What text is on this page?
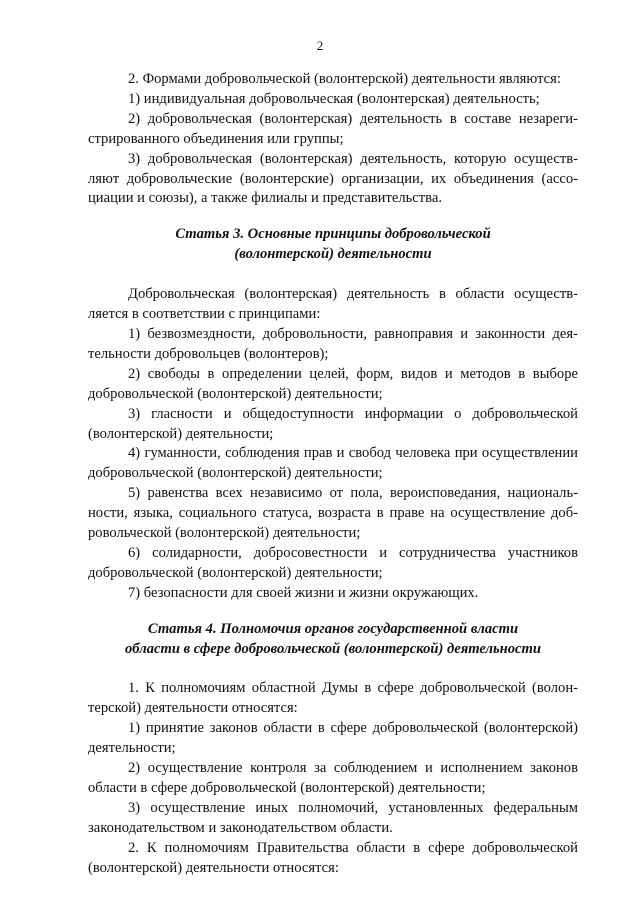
2

2. Формами добровольческой (волонтерской) деятельности являются:

1) индивидуальная добровольческая (волонтерская) деятельность;

2) добровольческая (волонтерская) деятельность в составе незарегистрированного объединения или группы;

3) добровольческая (волонтерская) деятельность, которую осуществляют добровольческие (волонтерские) организации, их объединения (ассоциации и союзы), а также филиалы и представительства.

Статья 3. Основные принципы добровольческой
(волонтерской) деятельности

Добровольческая (волонтерская) деятельность в области осуществляется в соответствии с принципами:

1) безвозмездности, добровольности, равноправия и законности деятельности добровольцев (волонтеров);

2) свободы в определении целей, форм, видов и методов в выборе добровольческой (волонтерской) деятельности;

3) гласности и общедоступности информации о добровольческой (волонтерской) деятельности;

4) гуманности, соблюдения прав и свобод человека при осуществлении добровольческой (волонтерской) деятельности;

5) равенства всех независимо от пола, вероисповедания, национальности, языка, социального статуса, возраста в праве на осуществление добровольческой (волонтерской) деятельности;

6) солидарности, добросовестности и сотрудничества участников добровольческой (волонтерской) деятельности;

7) безопасности для своей жизни и жизни окружающих.

Статья 4. Полномочия органов государственной власти
области в сфере добровольческой (волонтерской) деятельности

1. К полномочиям областной Думы в сфере добровольческой (волонтерской) деятельности относятся:

1) принятие законов области в сфере добровольческой (волонтерской) деятельности;

2) осуществление контроля за соблюдением и исполнением законов области в сфере добровольческой (волонтерской) деятельности;

3) осуществление иных полномочий, установленных федеральным законодательством и законодательством области.

2. К полномочиям Правительства области в сфере добровольческой (волонтерской) деятельности относятся:
